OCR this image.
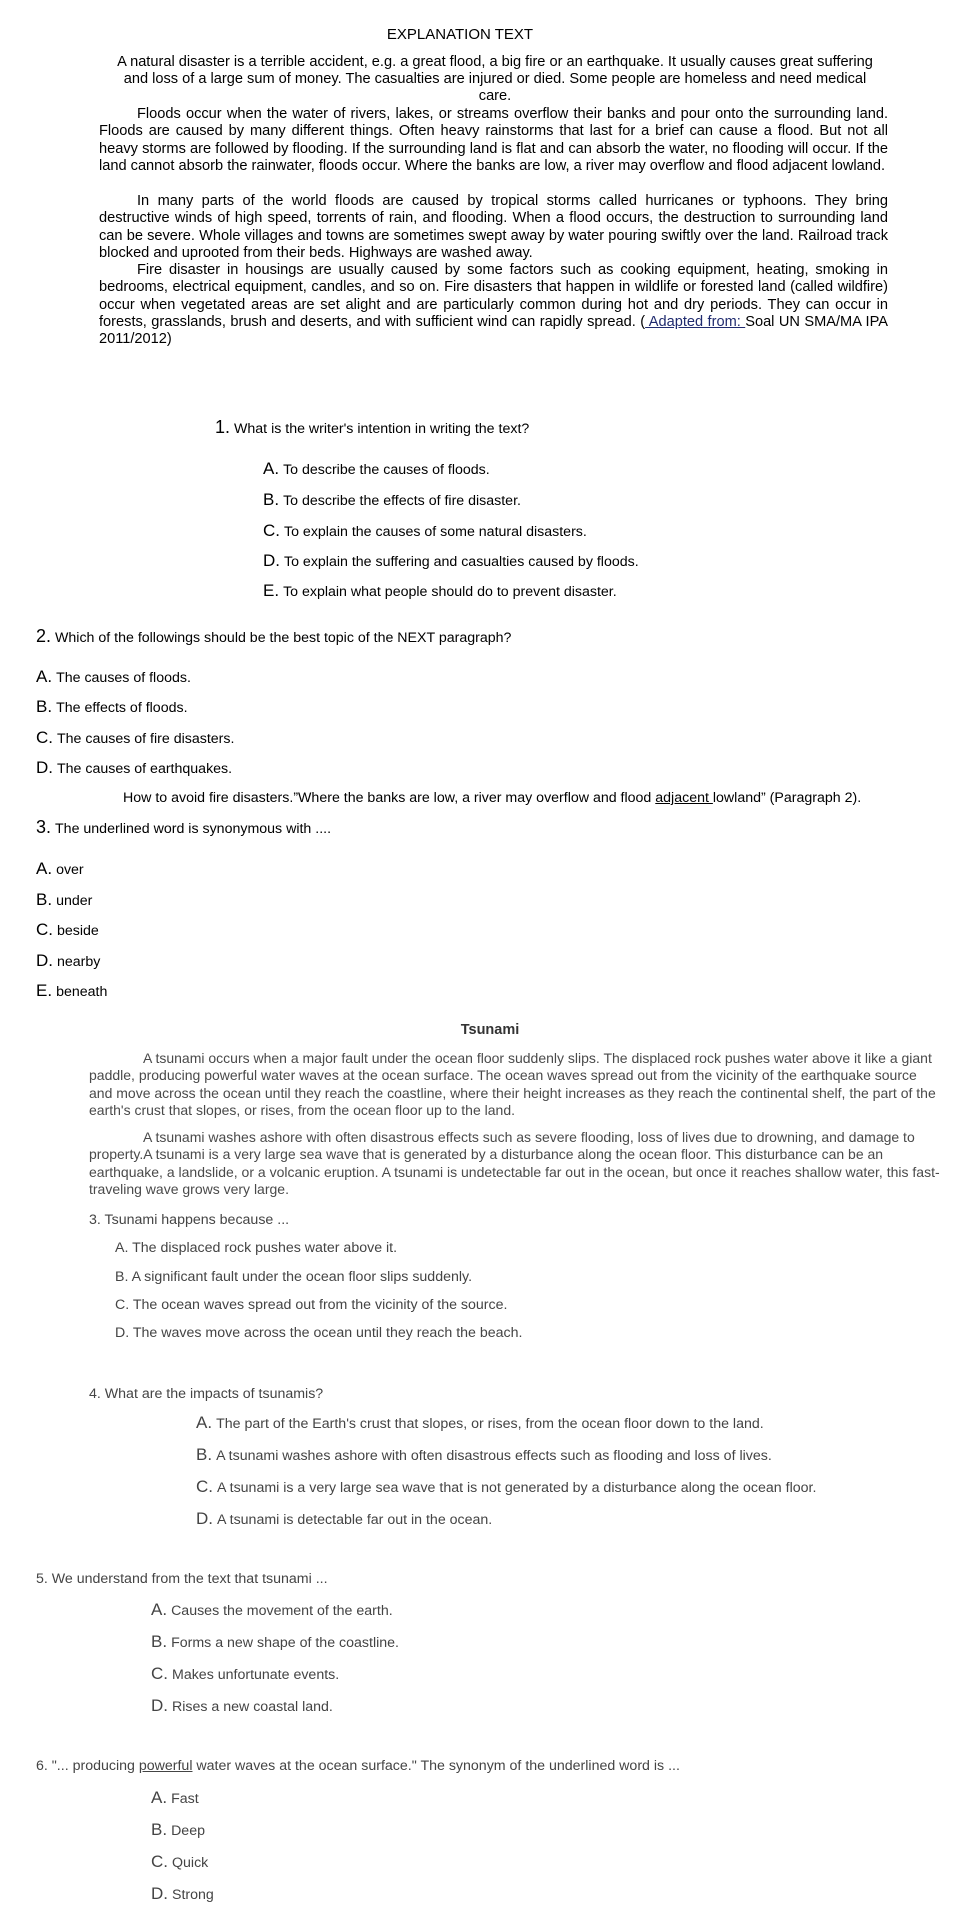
EXPLANATION TEXT
A natural disaster is a terrible accident, e.g. a great flood, a big fire or an earthquake. It usually causes great suffering and loss of a large sum of money. The casualties are injured or died. Some people are homeless and need medical care.
Floods occur when the water of rivers, lakes, or streams overflow their banks and pour onto the surrounding land. Floods are caused by many different things. Often heavy rainstorms that last for a brief can cause a flood. But not all heavy storms are followed by flooding. If the surrounding land is flat and can absorb the water, no flooding will occur. If the land cannot absorb the rainwater, floods occur. Where the banks are low, a river may overflow and flood adjacent lowland.
In many parts of the world floods are caused by tropical storms called hurricanes or typhoons. They bring destructive winds of high speed, torrents of rain, and flooding. When a flood occurs, the destruction to surrounding land can be severe. Whole villages and towns are sometimes swept away by water pouring swiftly over the land. Railroad track blocked and uprooted from their beds. Highways are washed away.
Fire disaster in housings are usually caused by some factors such as cooking equipment, heating, smoking in bedrooms, electrical equipment, candles, and so on. Fire disasters that happen in wildlife or forested land (called wildfire) occur when vegetated areas are set alight and are particularly common during hot and dry periods. They can occur in forests, grasslands, brush and deserts, and with sufficient wind can rapidly spread. ( Adapted from: Soal UN SMA/MA IPA 2011/2012)
1. What is the writer's intention in writing the text?
A. To describe the causes of floods.
B. To describe the effects of fire disaster.
C. To explain the causes of some natural disasters.
D. To explain the suffering and casualties caused by floods.
E. To explain what people should do to prevent disaster.
2. Which of the followings should be the best topic of the NEXT paragraph?
A. The causes of floods.
B. The effects of floods.
C. The causes of fire disasters.
D. The causes of earthquakes.
How to avoid fire disasters.”Where the banks are low, a river may overflow and flood adjacent lowland” (Paragraph 2).
3. The underlined word is synonymous with ....
A. over
B. under
C. beside
D. nearby
E. beneath
Tsunami
A tsunami occurs when a major fault under the ocean floor suddenly slips. The displaced rock pushes water above it like a giant paddle, producing powerful water waves at the ocean surface. The ocean waves spread out from the vicinity of the earthquake source and move across the ocean until they reach the coastline, where their height increases as they reach the continental shelf, the part of the earth's crust that slopes, or rises, from the ocean floor up to the land.
A tsunami washes ashore with often disastrous effects such as severe flooding, loss of lives due to drowning, and damage to property.A tsunami is a very large sea wave that is generated by a disturbance along the ocean floor. This disturbance can be an earthquake, a landslide, or a volcanic eruption. A tsunami is undetectable far out in the ocean, but once it reaches shallow water, this fast-traveling wave grows very large.
3. Tsunami happens because ...
A. The displaced rock pushes water above it.
B. A significant fault under the ocean floor slips suddenly.
C. The ocean waves spread out from the vicinity of the source.
D. The waves move across the ocean until they reach the beach.
4. What are the impacts of tsunamis?
A. The part of the Earth's crust that slopes, or rises, from the ocean floor down to the land.
B. A tsunami washes ashore with often disastrous effects such as flooding and loss of lives.
C. A tsunami is a very large sea wave that is not generated by a disturbance along the ocean floor.
D. A tsunami is detectable far out in the ocean.
5. We understand from the text that tsunami ...
A. Causes the movement of the earth.
B. Forms a new shape of the coastline.
C. Makes unfortunate events.
D. Rises a new coastal land.
6. "... producing powerful water waves at the ocean surface." The synonym of the underlined word is ...
A. Fast
B. Deep
C. Quick
D. Strong
